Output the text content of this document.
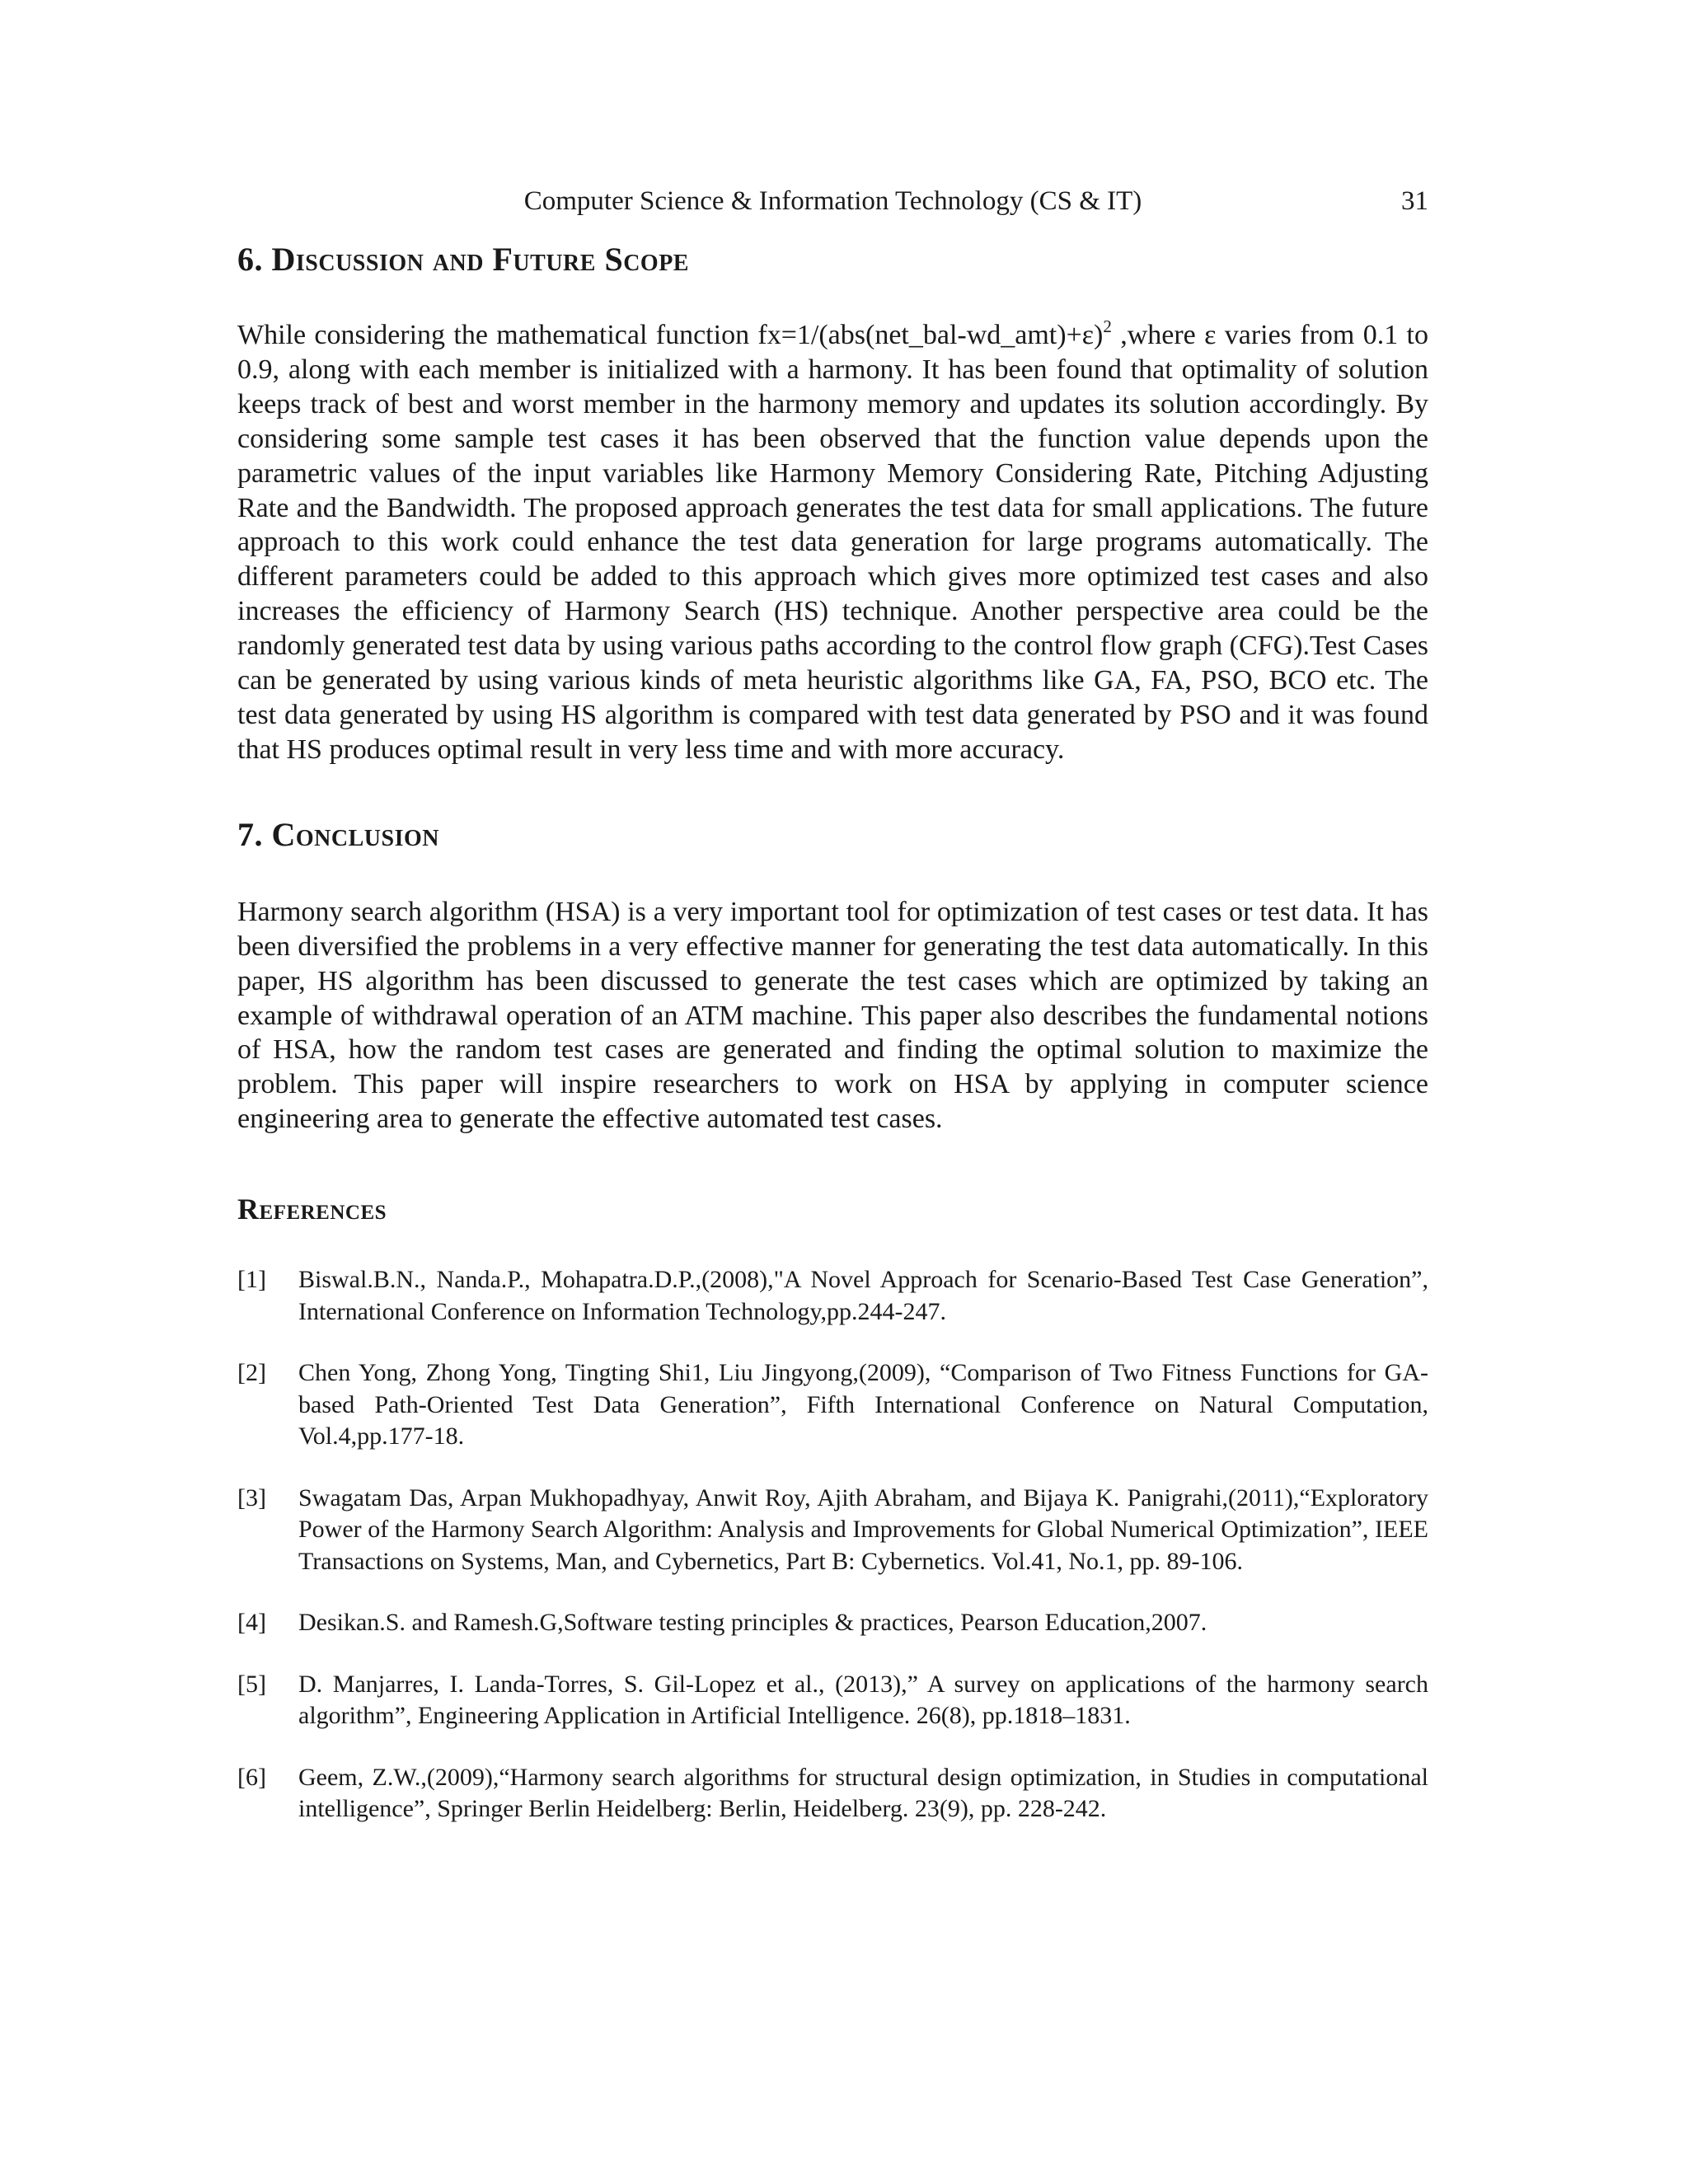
Computer Science & Information Technology (CS & IT)	31
6. Discussion and Future Scope

While considering the mathematical function fx=1/(abs(net_bal-wd_amt)+ε)$^2$ ,where ε varies from 0.1 to 0.9, along with each member is initialized with a harmony. It has been found that optimality of solution keeps track of best and worst member in the harmony memory and updates its solution accordingly. By considering some sample test cases it has been observed that the function value depends upon the parametric values of the input variables like Harmony Memory Considering Rate, Pitching Adjusting Rate and the Bandwidth. The proposed approach generates the test data for small applications. The future approach to this work could enhance the test data generation for large programs automatically. The different parameters could be added to this approach which gives more optimized test cases and also increases the efficiency of Harmony Search (HS) technique. Another perspective area could be the randomly generated test data by using various paths according to the control flow graph (CFG).Test Cases can be generated by using various kinds of meta heuristic algorithms like GA, FA, PSO, BCO etc. The test data generated by using HS algorithm is compared with test data generated by PSO and it was found that HS produces optimal result in very less time and with more accuracy.

7. Conclusion

Harmony search algorithm (HSA) is a very important tool for optimization of test cases or test data. It has been diversified the problems in a very effective manner for generating the test data automatically. In this paper, HS algorithm has been discussed to generate the test cases which are optimized by taking an example of withdrawal operation of an ATM machine. This paper also describes the fundamental notions of HSA, how the random test cases are generated and finding the optimal solution to maximize the problem. This paper will inspire researchers to work on HSA by applying in computer science engineering area to generate the effective automated test cases.

References
[1]	Biswal.B.N., Nanda.P., Mohapatra.D.P.,(2008),"A Novel Approach for Scenario-Based Test Case Generation”, International Conference on Information Technology,pp.244-247.
[2]	Chen Yong, Zhong Yong, Tingting Shi1, Liu Jingyong,(2009), “Comparison of Two Fitness Functions for GA-based Path-Oriented Test Data Generation”, Fifth International Conference on Natural Computation, Vol.4,pp.177-18.
[3]	Swagatam Das, Arpan Mukhopadhyay, Anwit Roy, Ajith Abraham, and Bijaya K. Panigrahi,(2011),“Exploratory Power of the Harmony Search Algorithm: Analysis and Improvements for Global Numerical Optimization”, IEEE Transactions on Systems, Man, and Cybernetics, Part B: Cybernetics. Vol.41, No.1, pp. 89-106.
[4]	Desikan.S. and Ramesh.G,Software testing principles & practices, Pearson Education,2007.
[5]	D. Manjarres, I. Landa-Torres, S. Gil-Lopez et al., (2013),” A survey on applications of the harmony search algorithm”, Engineering Application in Artificial Intelligence. 26(8), pp.1818–1831.
[6]	Geem, Z.W.,(2009),“Harmony search algorithms for structural design optimization, in Studies in computational intelligence”, Springer Berlin Heidelberg: Berlin, Heidelberg. 23(9), pp. 228-242.
